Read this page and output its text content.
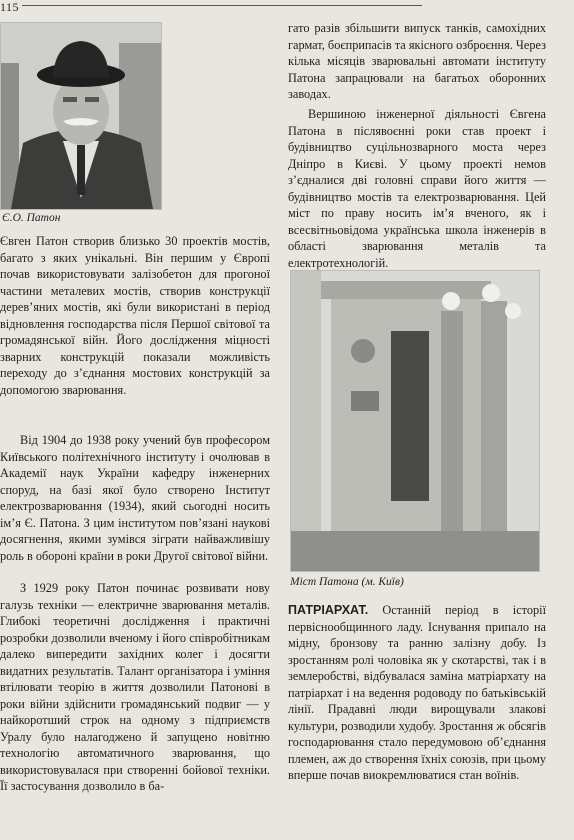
115
Є.О. Патон

Євген Патон створив близько 30 проектів мостів, багато з яких унікальні. Він першим у Європі почав використовувати залізобетон для прогоної частини металевих мостів, створив конструкції дерев’яних мостів, які були використані в період відновлення господарства після Першої світової та громадянської війн. Його дослідження міцності зварних конструкцій показали можливість переходу до з’єднання мостових конструкцій за допомогою зварювання.

Від 1904 до 1938 року учений був професором Київського політехнічного інституту і очолював в Академії наук України кафедру інженерних споруд, на базі якої було створено Інститут електрозварювання (1934), який сьогодні носить ім’я Є. Патона. З цим інститутом пов’язані наукові досягнення, якими зумівся зіграти найважливішу роль в обороні країни в роки Другої світової війни.

З 1929 року Патон починає розвивати нову галузь техніки — електричне зварювання металів. Глибокі теоретичні дослідження і практичні розробки дозволили вченому і його співробітникам далеко випередити західних колег і досягти видатних результатів. Талант організатора і уміння втілювати теорію в життя дозволили Патонові в роки війни здійснити громадянський подвиг — у найкоротший строк на одному з підприємств Уралу було налагоджено й запущено новітню технологію автоматичного зварювання, що використовувалася при створенні бойової техніки. Її застосування дозволило в ба-

гато разів збільшити випуск танків, самохідних гармат, боєприпасів та якісного озброєння. Через кілька місяців зварювальні автомати інституту Патона запрацювали на багатьох оборонних заводах.

Вершиною інженерної діяльності Євгена Патона в післявоєнні роки став проект і будівництво суцільнозварного моста через Дніпро в Києві. У цьому проекті немов з’єдналися дві головні справи його життя — будівництво мостів та електрозварювання. Цей міст по праву носить ім’я вченого, як і всесвітньовідома українська школа інженерів в області зварювання металів та електротехнологій.

Міст Патона (м. Київ)

ПАТРІАРХАТ. Останній період в історії первіснообщинного ладу. Існування припало на мідну, бронзову та ранню залізну добу. Із зростанням ролі чоловіка як у скотарстві, так і в землеробстві, відбувалася заміна матріархату на патріархат і на ведення родоводу по батьківській лінії. Прадавні люди вирощували злакові культури, розводили худобу. Зростання ж обсягів господарювання стало передумовою об’єднання племен, аж до створення їхніх союзів, при цьому вперше почав виокремлюватися стан воїнів.
